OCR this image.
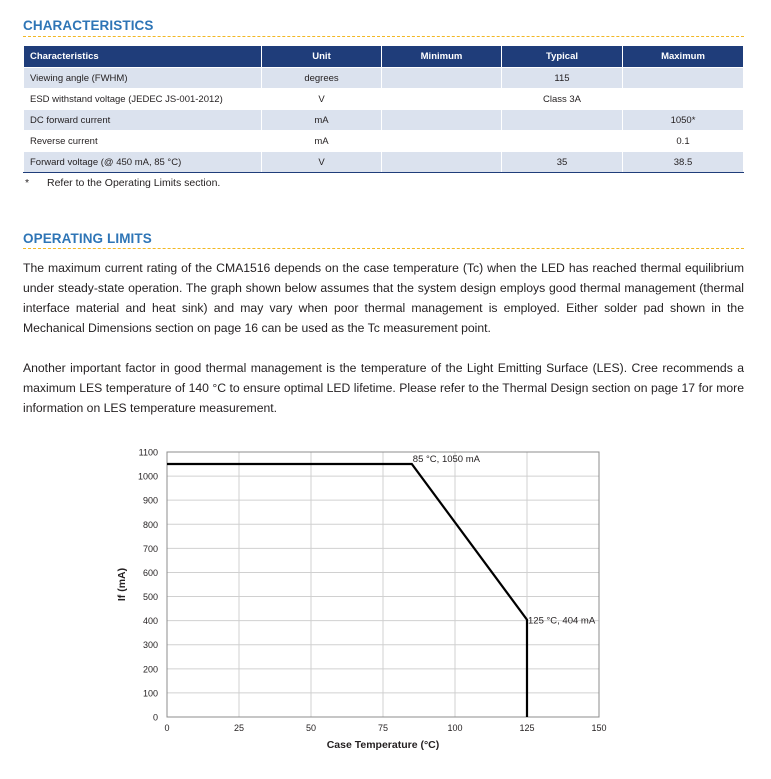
CHARACTERISTICS
Characteristics	Unit	Minimum	Typical	Maximum
Viewing angle (FWHM)	degrees		115	
ESD withstand voltage (JEDEC JS-001-2012)	V		Class 3A	
DC forward current	mA			1050*
Reverse current	mA			0.1
Forward voltage (@ 450 mA, 85 °C)	V		35	38.5
* Refer to the Operating Limits section.
OPERATING LIMITS
The maximum current rating of the CMA1516 depends on the case temperature (Tc) when the LED has reached thermal equilibrium under steady-state operation. The graph shown below assumes that the system design employs good thermal management (thermal interface material and heat sink) and may vary when poor thermal management is employed. Either solder pad shown in the Mechanical Dimensions section on page 16 can be used as the Tc measurement point.
Another important factor in good thermal management is the temperature of the Light Emitting Surface (LES). Cree recommends a maximum LES temperature of 140 °C to ensure optimal LED lifetime. Please refer to the Thermal Design section on page 17 for more information on LES temperature measurement.
0
100
200
300
400
500
600
700
800
900
1000
1100
0	25	50	75	100	125	150
Case Temperature (°C)
If (mA)
85 °C, 1050 mA
125 °C, 404 mA
